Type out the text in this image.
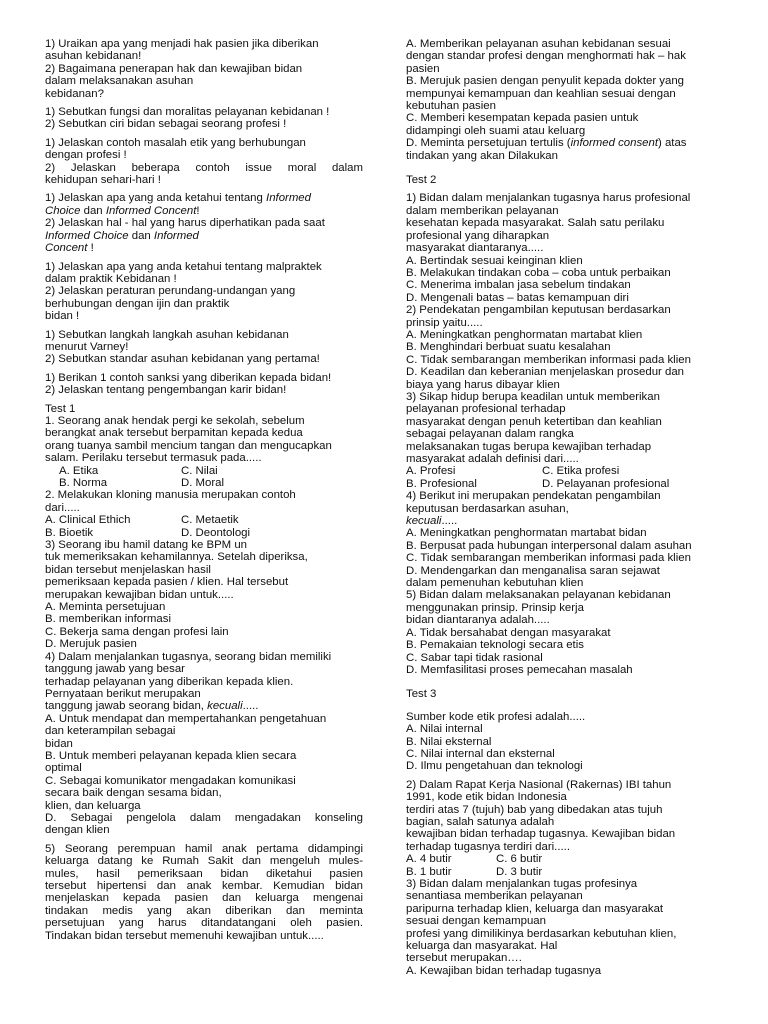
1) Uraikan apa yang menjadi hak pasien jika diberikan
asuhan kebidanan!
2) Bagaimana penerapan hak dan kewajiban bidan
dalam melaksanakan asuhan
kebidanan?
1) Sebutkan fungsi dan moralitas pelayanan kebidanan !
2) Sebutkan ciri bidan sebagai seorang profesi !
1) Jelaskan contoh masalah etik yang berhubungan
dengan profesi !
2) Jelaskan beberapa contoh issue moral dalam
kehidupan sehari-hari !
1) Jelaskan apa yang anda ketahui tentang Informed
Choice dan Informed Concent!
2) Jelaskan hal - hal yang harus diperhatikan pada saat
Informed Choice dan Informed
Concent !
1) Jelaskan apa yang anda ketahui tentang malpraktek
dalam praktik Kebidanan !
2) Jelaskan peraturan perundang-undangan yang
berhubungan dengan ijin dan praktik
bidan !
1) Sebutkan langkah langkah asuhan kebidanan
menurut Varney!
2) Sebutkan standar asuhan kebidanan yang pertama!
1) Berikan 1 contoh sanksi yang diberikan kepada bidan!
2) Jelaskan tentang pengembangan karir bidan!
Test 1
1. Seorang anak hendak pergi ke sekolah, sebelum
berangkat anak tersebut berpamitan kepada kedua
orang tuanya sambil mencium tangan dan mengucapkan
salam. Perilaku tersebut termasuk pada.....
A. Etika	C. Nilai
B. Norma	D. Moral
2. Melakukan kloning manusia merupakan contoh
dari.....
A. Clinical Ethich	C. Metaetik
B. Bioetik	D. Deontologi
3) Seorang ibu hamil datang ke BPM un
tuk memeriksakan kehamilannya. Setelah diperiksa,
bidan tersebut menjelaskan hasil
pemeriksaan kepada pasien / klien. Hal tersebut
merupakan kewajiban bidan untuk.....
A. Meminta persetujuan
B. memberikan informasi
C. Bekerja sama dengan profesi lain
D. Merujuk pasien
4) Dalam menjalankan tugasnya, seorang bidan memiliki
tanggung jawab yang besar
terhadap pelayanan yang diberikan kepada klien.
Pernyataan berikut merupakan
tanggung jawab seorang bidan, kecuali.....
A. Untuk mendapat dan mempertahankan pengetahuan
dan keterampilan sebagai
bidan
B. Untuk memberi pelayanan kepada klien secara
optimal
C. Sebagai komunikator mengadakan komunikasi
secara baik dengan sesama bidan,
klien, dan keluarga
D. Sebagai pengelola dalam mengadakan konseling
dengan klien
5) Seorang perempuan hamil anak pertama didampingi
keluarga datang ke Rumah Sakit dan mengeluh mules-
mules, hasil pemeriksaan bidan diketahui pasien
tersebut hipertensi dan anak kembar. Kemudian bidan
menjelaskan kepada pasien dan keluarga mengenai
tindakan medis yang akan diberikan dan meminta
persetujuan yang harus ditandatangani oleh pasien.
Tindakan bidan tersebut memenuhi kewajiban untuk.....
A. Memberikan pelayanan asuhan kebidanan sesuai
dengan standar profesi dengan menghormati hak – hak
pasien
B. Merujuk pasien dengan penyulit kepada dokter yang
mempunyai kemampuan dan keahlian sesuai dengan
kebutuhan pasien
C. Memberi kesempatan kepada pasien untuk
didampingi oleh suami atau keluarg
D. Meminta persetujuan tertulis (informed consent) atas
tindakan yang akan Dilakukan
Test 2
1) Bidan dalam menjalankan tugasnya harus profesional
dalam memberikan pelayanan
kesehatan kepada masyarakat. Salah satu perilaku
profesional yang diharapkan
masyarakat diantaranya.....
A. Bertindak sesuai keinginan klien
B. Melakukan tindakan coba – coba untuk perbaikan
C. Menerima imbalan jasa sebelum tindakan
D. Mengenali batas – batas kemampuan diri
2) Pendekatan pengambilan keputusan berdasarkan
prinsip yaitu.....
A. Meningkatkan penghormatan martabat klien
B. Menghindari berbuat suatu kesalahan
C. Tidak sembarangan memberikan informasi pada klien
D. Keadilan dan keberanian menjelaskan prosedur dan
biaya yang harus dibayar klien
3) Sikap hidup berupa keadilan untuk memberikan
pelayanan profesional terhadap
masyarakat dengan penuh ketertiban dan keahlian
sebagai pelayanan dalam rangka
melaksanakan tugas berupa kewajiban terhadap
masyarakat adalah definisi dari.....
A. Profesi	C. Etika profesi
B. Profesional	D. Pelayanan profesional
4) Berikut ini merupakan pendekatan pengambilan
keputusan berdasarkan asuhan,
kecuali.....
A. Meningkatkan penghormatan martabat bidan
B. Berpusat pada hubungan interpersonal dalam asuhan
C. Tidak sembarangan memberikan informasi pada klien
D. Mendengarkan dan menganalisa saran sejawat
dalam pemenuhan kebutuhan klien
5) Bidan dalam melaksanakan pelayanan kebidanan
menggunakan prinsip. Prinsip kerja
bidan diantaranya adalah.....
A. Tidak bersahabat dengan masyarakat
B. Pemakaian teknologi secara etis
C. Sabar tapi tidak rasional
D. Memfasilitasi proses pemecahan masalah
Test 3
Sumber kode etik profesi adalah.....
A. Nilai internal
B. Nilai eksternal
C. Nilai internal dan eksternal
D. Ilmu pengetahuan dan teknologi
2) Dalam Rapat Kerja Nasional (Rakernas) IBI tahun
1991, kode etik bidan Indonesia
terdiri atas 7 (tujuh) bab yang dibedakan atas tujuh
bagian, salah satunya adalah
kewajiban bidan terhadap tugasnya. Kewajiban bidan
terhadap tugasnya terdiri dari.....
A. 4 butir	C. 6 butir
B. 1 butir	D. 3 butir
3) Bidan dalam menjalankan tugas profesinya
senantiasa memberikan pelayanan
paripurna terhadap klien, keluarga dan masyarakat
sesuai dengan kemampuan
profesi yang dimilikinya berdasarkan kebutuhan klien,
keluarga dan masyarakat. Hal
tersebut merupakan….
A. Kewajiban bidan terhadap tugasnya
